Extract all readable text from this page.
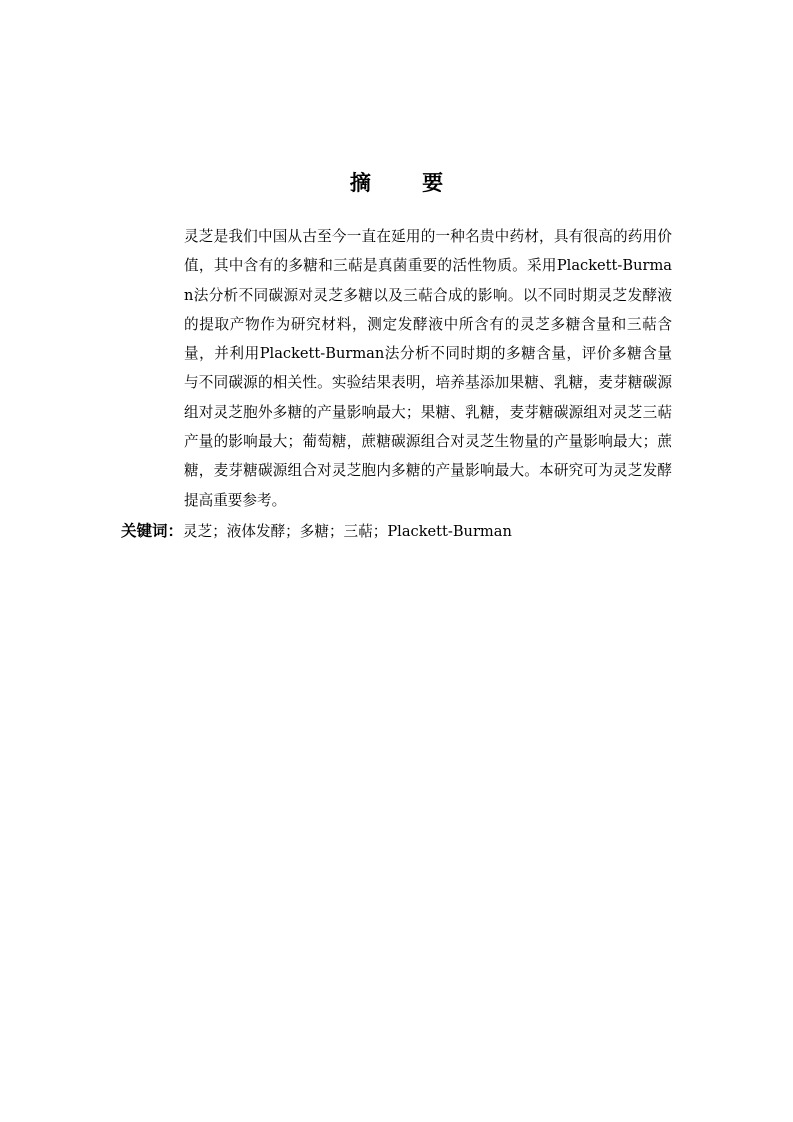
摘 要
灵芝是我们中国从古至今一直在延用的一种名贵中药材，具有很高的药用价值，其中含有的多糖和三萜是真菌重要的活性物质。采用Plackett-Burman法分析不同碳源对灵芝多糖以及三萜合成的影响。以不同时期灵芝发酵液的提取产物作为研究材料，测定发酵液中所含有的灵芝多糖含量和三萜含量，并利用Plackett-Burman法分析不同时期的多糖含量，评价多糖含量与不同碳源的相关性。实验结果表明，培养基添加果糖、乳糖，麦芽糖碳源组对灵芝胞外多糖的产量影响最大；果糖、乳糖，麦芽糖碳源组对灵芝三萜产量的影响最大；葡萄糖，蔗糖碳源组合对灵芝生物量的产量影响最大；蔗糖，麦芽糖碳源组合对灵芝胞内多糖的产量影响最大。本研究可为灵芝发酵提高重要参考。
关键词：灵芝；液体发酵；多糖；三萜；Plackett-Burman
